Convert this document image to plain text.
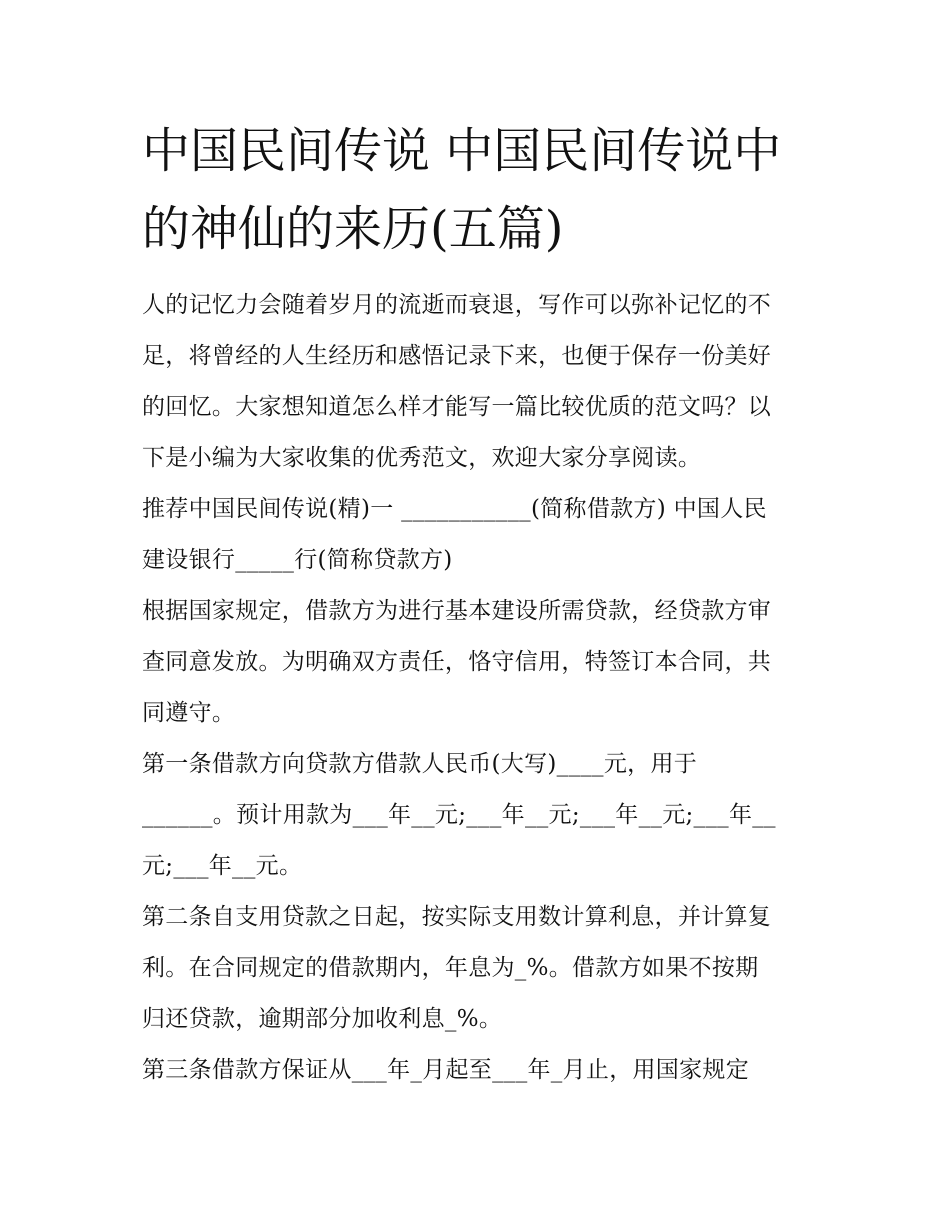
中国民间传说 中国民间传说中
的神仙的来历(五篇)

人的记忆力会随着岁月的流逝而衰退，写作可以弥补记忆的不
足，将曾经的人生经历和感悟记录下来，也便于保存一份美好
的回忆。大家想知道怎么样才能写一篇比较优质的范文吗？以
下是小编为大家收集的优秀范文，欢迎大家分享阅读。

推荐中国民间传说(精)一 ___________(简称借款方) 中国人民
建设银行_____行(简称贷款方)

根据国家规定，借款方为进行基本建设所需贷款，经贷款方审
查同意发放。为明确双方责任，恪守信用，特签订本合同，共
同遵守。

第一条借款方向贷款方借款人民币(大写)____元，用于
______。预计用款为___年__元;___年__元;___年__元;___年__
元;___年__元。

第二条自支用贷款之日起，按实际支用数计算利息，并计算复
利。在合同规定的借款期内，年息为_%。借款方如果不按期
归还贷款，逾期部分加收利息_%。

第三条借款方保证从___年_月起至___年_月止，用国家规定
